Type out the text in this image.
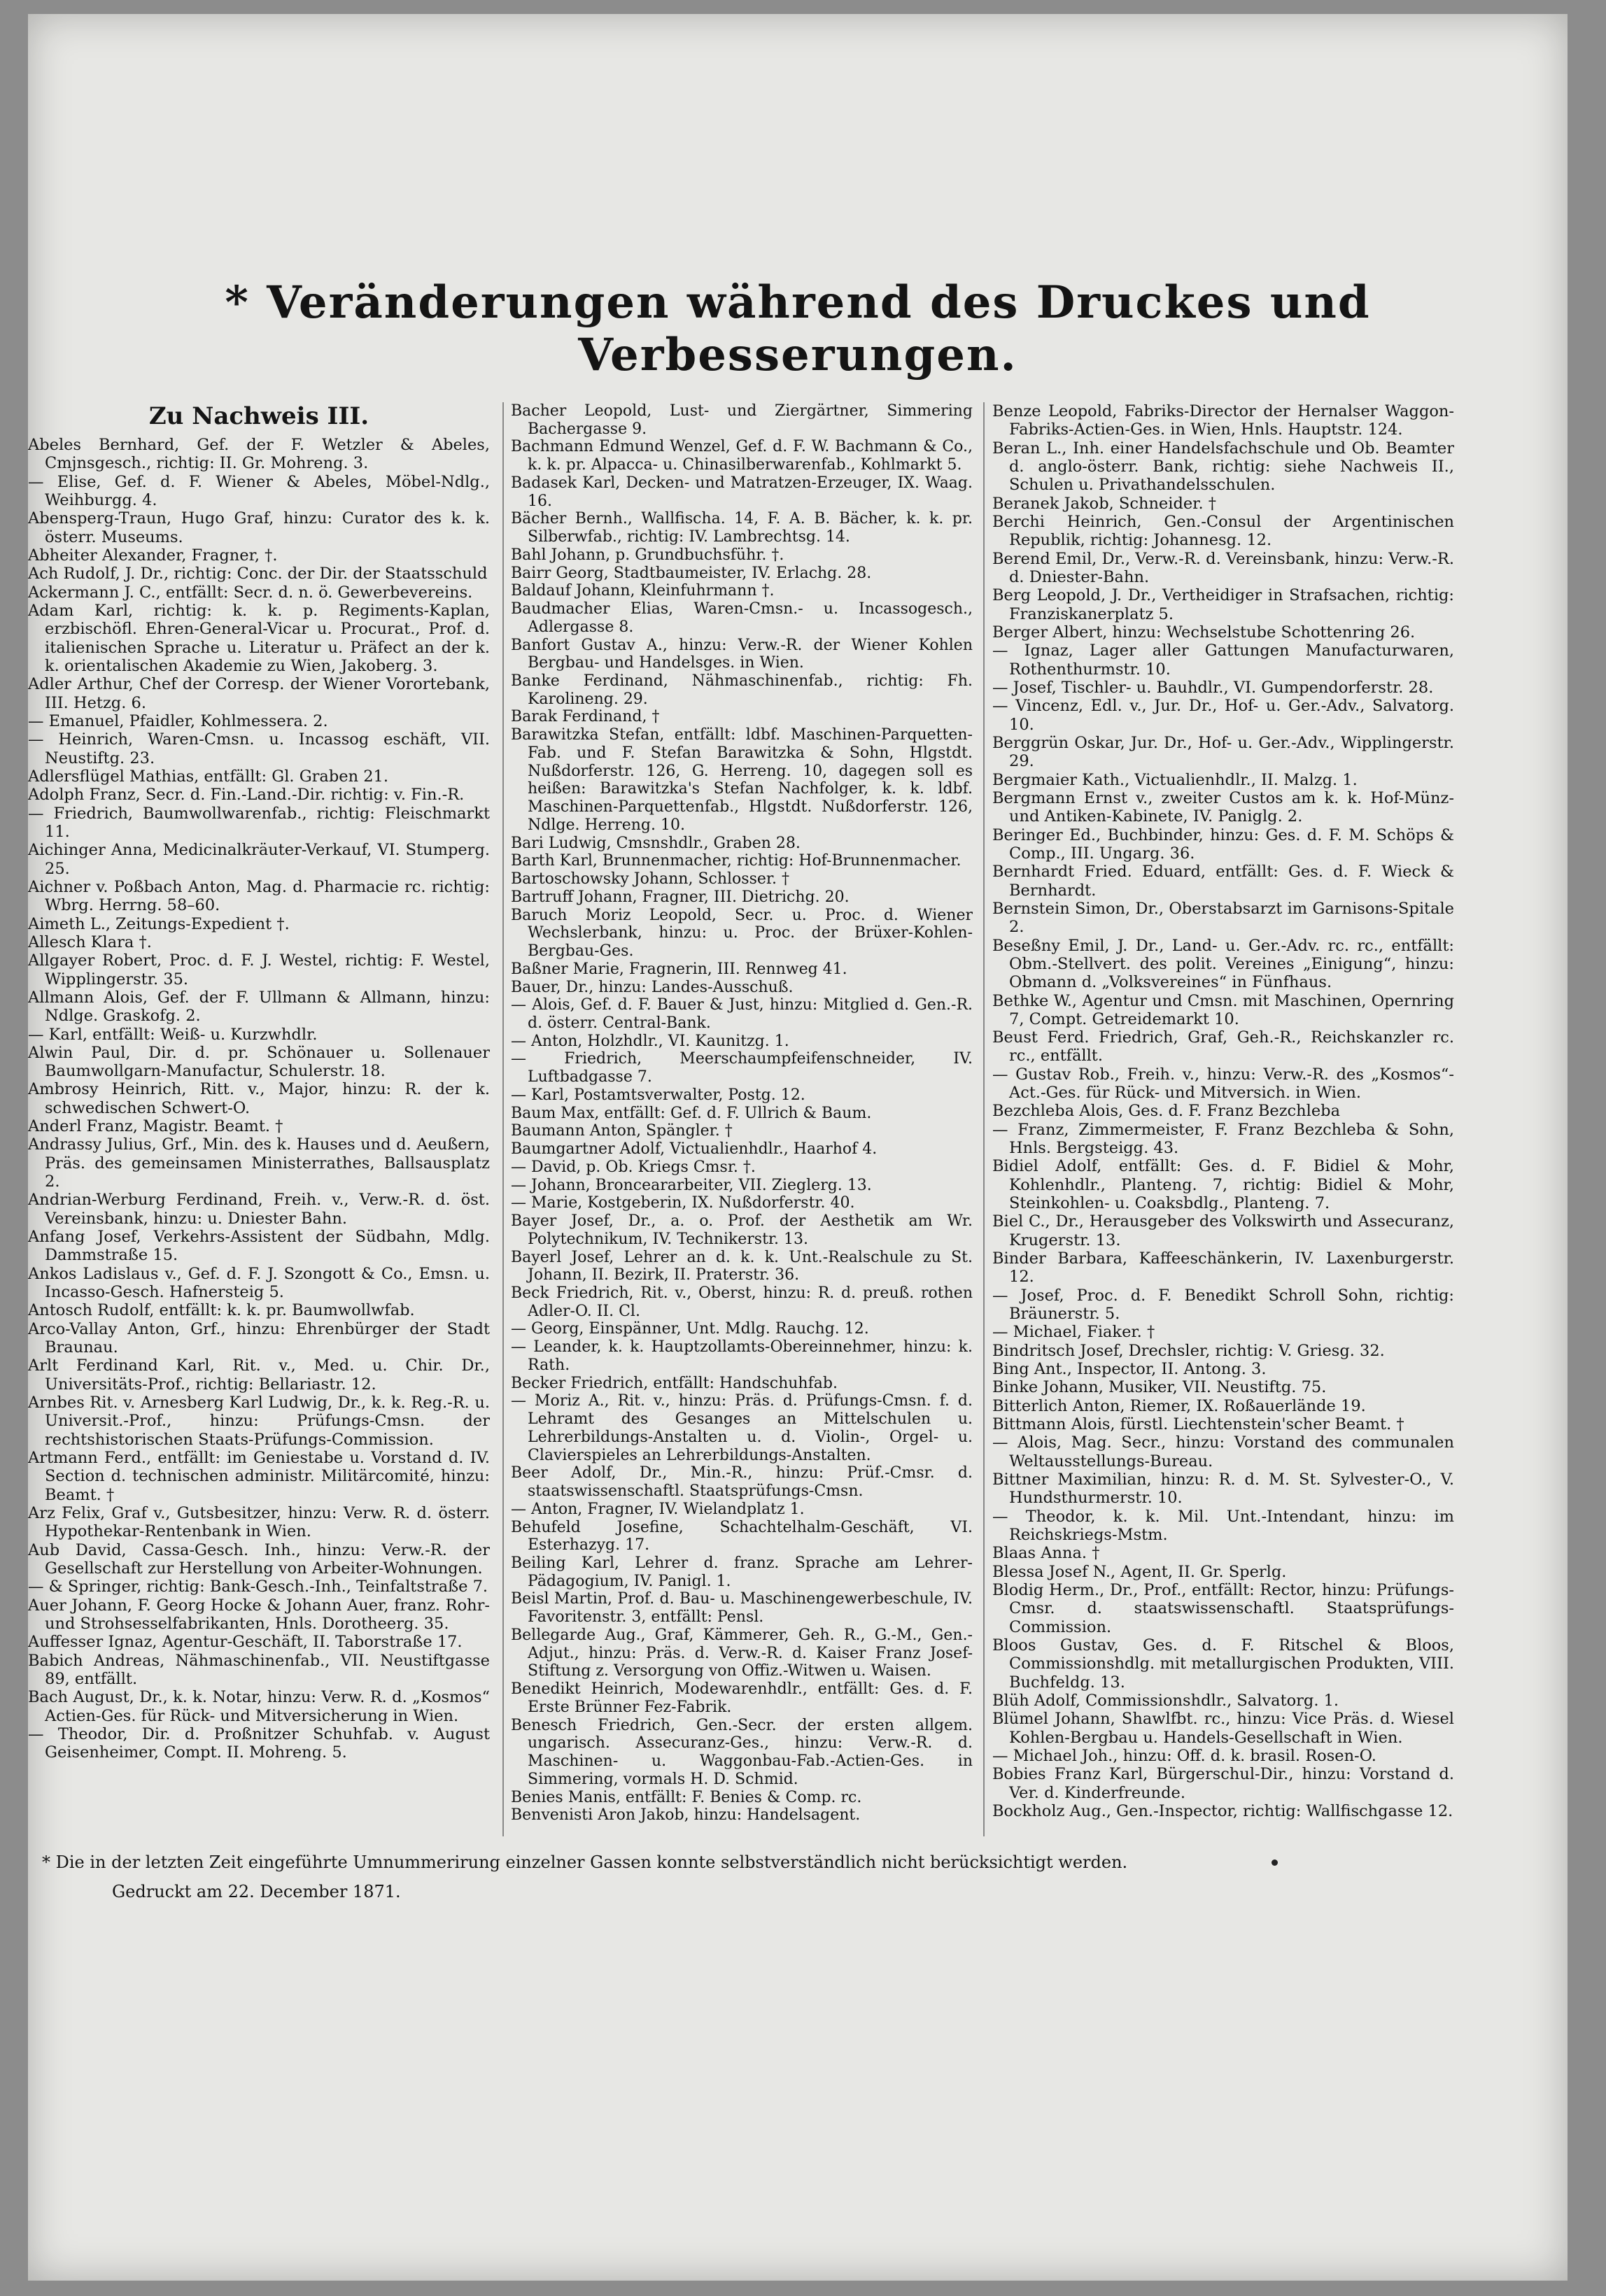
* Veränderungen während des Druckes und Verbesserungen.

Zu Nachweis III.

Abeles Bernhard, Gef. der F. Wetzler & Abeles, Cmjnsgesch., richtig: II. Gr. Mohreng. 3.

— Elise, Gef. d. F. Wiener & Abeles, Möbel-Ndlg., Weihburgg. 4.

Abensperg-Traun, Hugo Graf, hinzu: Curator des k. k. österr. Museums.

Abheiter Alexander, Fragner, †.

Ach Rudolf, J. Dr., richtig: Conc. der Dir. der Staatsschuld

Ackermann J. C., entfällt: Secr. d. n. ö. Gewerbevereins.

Adam Karl, richtig: k. k. p. Regiments-Kaplan, erzbischöfl. Ehren-General-Vicar u. Procurat., Prof. d. italienischen Sprache u. Literatur u. Präfect an der k. k. orientalischen Akademie zu Wien, Jakoberg. 3.

Adler Arthur, Chef der Corresp. der Wiener Vorortebank, III. Hetzg. 6.

— Emanuel, Pfaidler, Kohlmessera. 2.

— Heinrich, Waren-Cmsn. u. Incassog eschäft, VII. Neustiftg. 23.

Adlersflügel Mathias, entfällt: Gl. Graben 21.

Adolph Franz, Secr. d. Fin.-Land.-Dir. richtig: v. Fin.-R.

— Friedrich, Baumwollwarenfab., richtig: Fleischmarkt 11.

Aichinger Anna, Medicinalkräuter-Verkauf, VI. Stumperg. 25.

Aichner v. Poßbach Anton, Mag. d. Pharmacie rc. richtig: Wbrg. Herrng. 58–60.

Aimeth L., Zeitungs-Expedient †.

Allesch Klara †.

Allgayer Robert, Proc. d. F. J. Westel, richtig: F. Westel, Wipplingerstr. 35.

Allmann Alois, Gef. der F. Ullmann & Allmann, hinzu: Ndlge. Graskofg. 2.

— Karl, entfällt: Weiß- u. Kurzwhdlr.

Alwin Paul, Dir. d. pr. Schönauer u. Sollenauer Baumwollgarn-Manufactur, Schulerstr. 18.

Ambrosy Heinrich, Ritt. v., Major, hinzu: R. der k. schwedischen Schwert-O.

Anderl Franz, Magistr. Beamt. †

Andrassy Julius, Grf., Min. des k. Hauses und d. Aeußern, Präs. des gemeinsamen Ministerrathes, Ballsausplatz 2.

Andrian-Werburg Ferdinand, Freih. v., Verw.-R. d. öst. Vereinsbank, hinzu: u. Dniester Bahn.

Anfang Josef, Verkehrs-Assistent der Südbahn, Mdlg. Dammstraße 15.

Ankos Ladislaus v., Gef. d. F. J. Szongott & Co., Emsn. u. Incasso-Gesch. Hafnersteig 5.

Antosch Rudolf, entfällt: k. k. pr. Baumwollwfab.

Arco-Vallay Anton, Grf., hinzu: Ehrenbürger der Stadt Braunau.

Arlt Ferdinand Karl, Rit. v., Med. u. Chir. Dr., Universitäts-Prof., richtig: Bellariastr. 12.

Arnbes Rit. v. Arnesberg Karl Ludwig, Dr., k. k. Reg.-R. u. Universit.-Prof., hinzu: Prüfungs-Cmsn. der rechtshistorischen Staats-Prüfungs-Commission.

Artmann Ferd., entfällt: im Geniestabe u. Vorstand d. IV. Section d. technischen administr. Militärcomité, hinzu: Beamt. †

Arz Felix, Graf v., Gutsbesitzer, hinzu: Verw. R. d. österr. Hypothekar-Rentenbank in Wien.

Aub David, Cassa-Gesch. Inh., hinzu: Verw.-R. der Gesellschaft zur Herstellung von Arbeiter-Wohnungen.

— & Springer, richtig: Bank-Gesch.-Inh., Teinfaltstraße 7.

Auer Johann, F. Georg Hocke & Johann Auer, franz. Rohr- und Strohsesselfabrikanten, Hnls. Dorotheerg. 35.

Auffesser Ignaz, Agentur-Geschäft, II. Taborstraße 17.

Babich Andreas, Nähmaschinenfab., VII. Neustiftgasse 89, entfällt.

Bach August, Dr., k. k. Notar, hinzu: Verw. R. d. „Kosmos“ Actien-Ges. für Rück- und Mitversicherung in Wien.

— Theodor, Dir. d. Proßnitzer Schuhfab. v. August Geisenheimer, Compt. II. Mohreng. 5.

Bacher Leopold, Lust- und Ziergärtner, Simmering Bachergasse 9.

Bachmann Edmund Wenzel, Gef. d. F. W. Bachmann & Co., k. k. pr. Alpacca- u. Chinasilberwarenfab., Kohlmarkt 5.

Badasek Karl, Decken- und Matratzen-Erzeuger, IX. Waag. 16.

Bächer Bernh., Wallfischa. 14, F. A. B. Bächer, k. k. pr. Silberwfab., richtig: IV. Lambrechtsg. 14.

Bahl Johann, p. Grundbuchsführ. †.

Bairr Georg, Stadtbaumeister, IV. Erlachg. 28.

Baldauf Johann, Kleinfuhrmann †.

Baudmacher Elias, Waren-Cmsn.- u. Incassogesch., Adlergasse 8.

Banfort Gustav A., hinzu: Verw.-R. der Wiener Kohlen Bergbau- und Handelsges. in Wien.

Banke Ferdinand, Nähmaschinenfab., richtig: Fh. Karolineng. 29.

Barak Ferdinand, †

Barawitzka Stefan, entfällt: ldbf. Maschinen-Parquetten-Fab. und F. Stefan Barawitzka & Sohn, Hlgstdt. Nußdorferstr. 126, G. Herreng. 10, dagegen soll es heißen: Barawitzka's Stefan Nachfolger, k. k. ldbf. Maschinen-Parquettenfab., Hlgstdt. Nußdorferstr. 126, Ndlge. Herreng. 10.

Bari Ludwig, Cmsnshdlr., Graben 28.

Barth Karl, Brunnenmacher, richtig: Hof-Brunnenmacher.

Bartoschowsky Johann, Schlosser. †

Bartruff Johann, Fragner, III. Dietrichg. 20.

Baruch Moriz Leopold, Secr. u. Proc. d. Wiener Wechslerbank, hinzu: u. Proc. der Brüxer-Kohlen-Bergbau-Ges.

Baßner Marie, Fragnerin, III. Rennweg 41.

Bauer, Dr., hinzu: Landes-Ausschuß.

— Alois, Gef. d. F. Bauer & Just, hinzu: Mitglied d. Gen.-R. d. österr. Central-Bank.

— Anton, Holzhdlr., VI. Kaunitzg. 1.

— Friedrich, Meerschaumpfeifenschneider, IV. Luftbadgasse 7.

— Karl, Postamtsverwalter, Postg. 12.

Baum Max, entfällt: Gef. d. F. Ullrich & Baum.

Baumann Anton, Spängler. †

Baumgartner Adolf, Victualienhdlr., Haarhof 4.

— David, p. Ob. Kriegs Cmsr. †.

— Johann, Bronceararbeiter, VII. Zieglerg. 13.

— Marie, Kostgeberin, IX. Nußdorferstr. 40.

Bayer Josef, Dr., a. o. Prof. der Aesthetik am Wr. Polytechnikum, IV. Technikerstr. 13.

Bayerl Josef, Lehrer an d. k. k. Unt.-Realschule zu St. Johann, II. Bezirk, II. Praterstr. 36.

Beck Friedrich, Rit. v., Oberst, hinzu: R. d. preuß. rothen Adler-O. II. Cl.

— Georg, Einspänner, Unt. Mdlg. Rauchg. 12.

— Leander, k. k. Hauptzollamts-Obereinnehmer, hinzu: k. Rath.

Becker Friedrich, entfällt: Handschuhfab.

— Moriz A., Rit. v., hinzu: Präs. d. Prüfungs-Cmsn. f. d. Lehramt des Gesanges an Mittelschulen u. Lehrerbildungs-Anstalten u. d. Violin-, Orgel- u. Clavierspieles an Lehrerbildungs-Anstalten.

Beer Adolf, Dr., Min.-R., hinzu: Prüf.-Cmsr. d. staatswissenschaftl. Staatsprüfungs-Cmsn.

— Anton, Fragner, IV. Wielandplatz 1.

Behufeld Josefine, Schachtelhalm-Geschäft, VI. Esterhazyg. 17.

Beiling Karl, Lehrer d. franz. Sprache am Lehrer-Pädagogium, IV. Panigl. 1.

Beisl Martin, Prof. d. Bau- u. Maschinengewerbeschule, IV. Favoritenstr. 3, entfällt: Pensl.

Bellegarde Aug., Graf, Kämmerer, Geh. R., G.-M., Gen.-Adjut., hinzu: Präs. d. Verw.-R. d. Kaiser Franz Josef-Stiftung z. Versorgung von Offiz.-Witwen u. Waisen.

Benedikt Heinrich, Modewarenhdlr., entfällt: Ges. d. F. Erste Brünner Fez-Fabrik.

Benesch Friedrich, Gen.-Secr. der ersten allgem. ungarisch. Assecuranz-Ges., hinzu: Verw.-R. d. Maschinen- u. Waggonbau-Fab.-Actien-Ges. in Simmering, vormals H. D. Schmid.

Benies Manis, entfällt: F. Benies & Comp. rc.

Benvenisti Aron Jakob, hinzu: Handelsagent.

Benze Leopold, Fabriks-Director der Hernalser Waggon-Fabriks-Actien-Ges. in Wien, Hnls. Hauptstr. 124.

Beran L., Inh. einer Handelsfachschule und Ob. Beamter d. anglo-österr. Bank, richtig: siehe Nachweis II., Schulen u. Privathandelsschulen.

Beranek Jakob, Schneider. †

Berchi Heinrich, Gen.-Consul der Argentinischen Republik, richtig: Johannesg. 12.

Berend Emil, Dr., Verw.-R. d. Vereinsbank, hinzu: Verw.-R. d. Dniester-Bahn.

Berg Leopold, J. Dr., Vertheidiger in Strafsachen, richtig: Franziskanerplatz 5.

Berger Albert, hinzu: Wechselstube Schottenring 26.

— Ignaz, Lager aller Gattungen Manufacturwaren, Rothenthurmstr. 10.

— Josef, Tischler- u. Bauhdlr., VI. Gumpendorferstr. 28.

— Vincenz, Edl. v., Jur. Dr., Hof- u. Ger.-Adv., Salvatorg. 10.

Berggrün Oskar, Jur. Dr., Hof- u. Ger.-Adv., Wipplingerstr. 29.

Bergmaier Kath., Victualienhdlr., II. Malzg. 1.

Bergmann Ernst v., zweiter Custos am k. k. Hof-Münz- und Antiken-Kabinete, IV. Paniglg. 2.

Beringer Ed., Buchbinder, hinzu: Ges. d. F. M. Schöps & Comp., III. Ungarg. 36.

Bernhardt Fried. Eduard, entfällt: Ges. d. F. Wieck & Bernhardt.

Bernstein Simon, Dr., Oberstabsarzt im Garnisons-Spitale 2.

Beseßny Emil, J. Dr., Land- u. Ger.-Adv. rc. rc., entfällt: Obm.-Stellvert. des polit. Vereines „Einigung“, hinzu: Obmann d. „Volksvereines“ in Fünfhaus.

Bethke W., Agentur und Cmsn. mit Maschinen, Opernring 7, Compt. Getreidemarkt 10.

Beust Ferd. Friedrich, Graf, Geh.-R., Reichskanzler rc. rc., entfällt.

— Gustav Rob., Freih. v., hinzu: Verw.-R. des „Kosmos“-Act.-Ges. für Rück- und Mitversich. in Wien.

Bezchleba Alois, Ges. d. F. Franz Bezchleba

— Franz, Zimmermeister, F. Franz Bezchleba & Sohn, Hnls. Bergsteigg. 43.

Bidiel Adolf, entfällt: Ges. d. F. Bidiel & Mohr, Kohlenhdlr., Planteng. 7, richtig: Bidiel & Mohr, Steinkohlen- u. Coaksbdlg., Planteng. 7.

Biel C., Dr., Herausgeber des Volkswirth und Assecuranz, Krugerstr. 13.

Binder Barbara, Kaffeeschänkerin, IV. Laxenburgerstr. 12.

— Josef, Proc. d. F. Benedikt Schroll Sohn, richtig: Bräunerstr. 5.

— Michael, Fiaker. †

Bindritsch Josef, Drechsler, richtig: V. Griesg. 32.

Bing Ant., Inspector, II. Antong. 3.

Binke Johann, Musiker, VII. Neustiftg. 75.

Bitterlich Anton, Riemer, IX. Roßauerlände 19.

Bittmann Alois, fürstl. Liechtenstein'scher Beamt. †

— Alois, Mag. Secr., hinzu: Vorstand des communalen Weltausstellungs-Bureau.

Bittner Maximilian, hinzu: R. d. M. St. Sylvester-O., V. Hundsthurmerstr. 10.

— Theodor, k. k. Mil. Unt.-Intendant, hinzu: im Reichskriegs-Mstm.

Blaas Anna. †

Blessa Josef N., Agent, II. Gr. Sperlg.

Blodig Herm., Dr., Prof., entfällt: Rector, hinzu: Prüfungs-Cmsr. d. staatswissenschaftl. Staatsprüfungs-Commission.

Bloos Gustav, Ges. d. F. Ritschel & Bloos, Commissionshdlg. mit metallurgischen Produkten, VIII. Buchfeldg. 13.

Blüh Adolf, Commissionshdlr., Salvatorg. 1.

Blümel Johann, Shawlfbt. rc., hinzu: Vice Präs. d. Wiesel Kohlen-Bergbau u. Handels-Gesellschaft in Wien.

— Michael Joh., hinzu: Off. d. k. brasil. Rosen-O.

Bobies Franz Karl, Bürgerschul-Dir., hinzu: Vorstand d. Ver. d. Kinderfreunde.

Bockholz Aug., Gen.-Inspector, richtig: Wallfischgasse 12.

* Die in der letzten Zeit eingeführte Umnummerirung einzelner Gassen konnte selbstverständlich nicht berücksichtigt werden.
Gedruckt am 22. December 1871.
